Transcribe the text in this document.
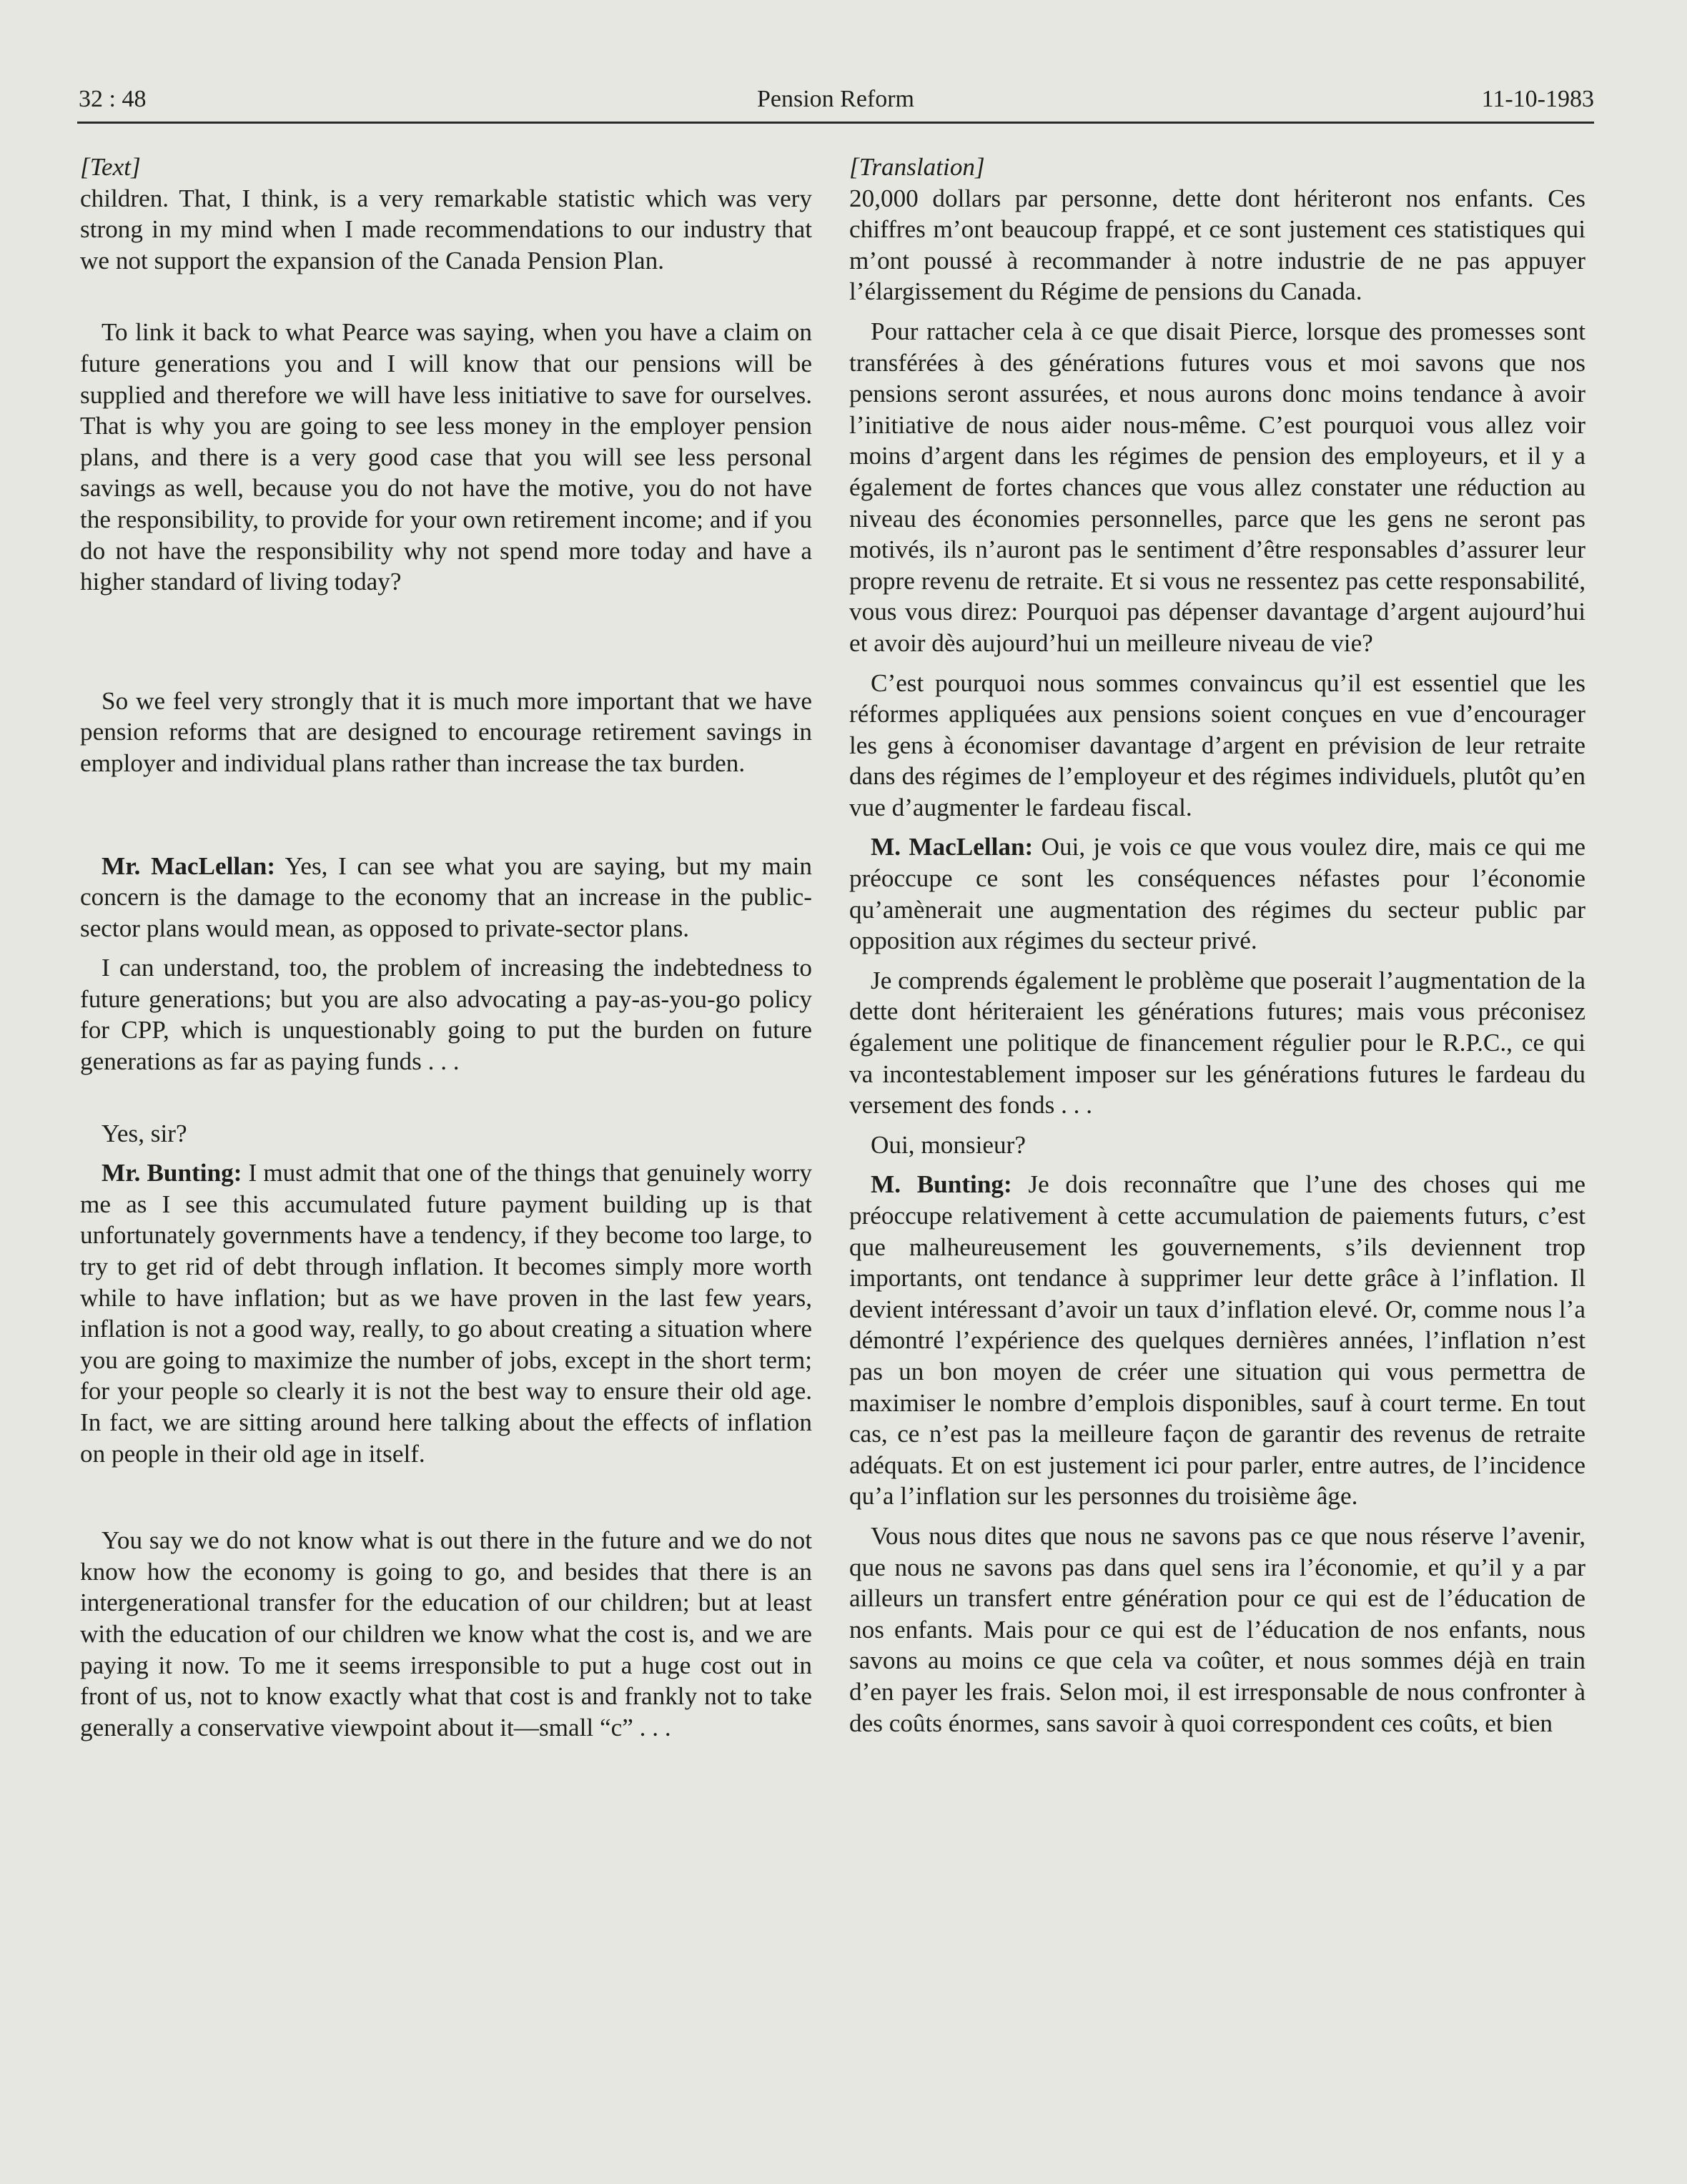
32 : 48	Pension Reform	11-10-1983
[Text]

children. That, I think, is a very remarkable statistic which was very strong in my mind when I made recommendations to our industry that we not support the expansion of the Canada Pension Plan.

To link it back to what Pearce was saying, when you have a claim on future generations you and I will know that our pensions will be supplied and therefore we will have less initiative to save for ourselves. That is why you are going to see less money in the employer pension plans, and there is a very good case that you will see less personal savings as well, because you do not have the motive, you do not have the responsibility, to provide for your own retirement income; and if you do not have the responsibility why not spend more today and have a higher standard of living today?

So we feel very strongly that it is much more important that we have pension reforms that are designed to encourage retirement savings in employer and individual plans rather than increase the tax burden.

Mr. MacLellan: Yes, I can see what you are saying, but my main concern is the damage to the economy that an increase in the public-sector plans would mean, as opposed to private-sector plans.

I can understand, too, the problem of increasing the indebtedness to future generations; but you are also advocating a pay-as-you-go policy for CPP, which is unquestionably going to put the burden on future generations as far as paying funds . . .

Yes, sir?

Mr. Bunting: I must admit that one of the things that genuinely worry me as I see this accumulated future payment building up is that unfortunately governments have a tendency, if they become too large, to try to get rid of debt through inflation. It becomes simply more worth while to have inflation; but as we have proven in the last few years, inflation is not a good way, really, to go about creating a situation where you are going to maximize the number of jobs, except in the short term; for your people so clearly it is not the best way to ensure their old age. In fact, we are sitting around here talking about the effects of inflation on people in their old age in itself.

You say we do not know what is out there in the future and we do not know how the economy is going to go, and besides that there is an intergenerational transfer for the education of our children; but at least with the education of our children we know what the cost is, and we are paying it now. To me it seems irresponsible to put a huge cost out in front of us, not to know exactly what that cost is and frankly not to take generally a conservative viewpoint about it—small “c” . . .

[Translation]

20,000 dollars par personne, dette dont hériteront nos enfants. Ces chiffres m’ont beaucoup frappé, et ce sont justement ces statistiques qui m’ont poussé à recommander à notre industrie de ne pas appuyer l’élargissement du Régime de pensions du Canada.

Pour rattacher cela à ce que disait Pierce, lorsque des promesses sont transférées à des générations futures vous et moi savons que nos pensions seront assurées, et nous aurons donc moins tendance à avoir l’initiative de nous aider nous-même. C’est pourquoi vous allez voir moins d’argent dans les régimes de pension des employeurs, et il y a également de fortes chances que vous allez constater une réduction au niveau des économies personnelles, parce que les gens ne seront pas motivés, ils n’auront pas le sentiment d’être responsables d’assurer leur propre revenu de retraite. Et si vous ne ressentez pas cette responsabilité, vous vous direz: Pourquoi pas dépenser davantage d’argent aujourd’hui et avoir dès aujourd’hui un meilleure niveau de vie?

C’est pourquoi nous sommes convaincus qu’il est essentiel que les réformes appliquées aux pensions soient conçues en vue d’encourager les gens à économiser davantage d’argent en prévision de leur retraite dans des régimes de l’employeur et des régimes individuels, plutôt qu’en vue d’augmenter le fardeau fiscal.

M. MacLellan: Oui, je vois ce que vous voulez dire, mais ce qui me préoccupe ce sont les conséquences néfastes pour l’économie qu’amènerait une augmentation des régimes du secteur public par opposition aux régimes du secteur privé.

Je comprends également le problème que poserait l’augmentation de la dette dont hériteraient les générations futures; mais vous préconisez également une politique de financement régulier pour le R.P.C., ce qui va incontestablement imposer sur les générations futures le fardeau du versement des fonds . . .

Oui, monsieur?

M. Bunting: Je dois reconnaître que l’une des choses qui me préoccupe relativement à cette accumulation de paiements futurs, c’est que malheureusement les gouvernements, s’ils deviennent trop importants, ont tendance à supprimer leur dette grâce à l’inflation. Il devient intéressant d’avoir un taux d’inflation elevé. Or, comme nous l’a démontré l’expérience des quelques dernières années, l’inflation n’est pas un bon moyen de créer une situation qui vous permettra de maximiser le nombre d’emplois disponibles, sauf à court terme. En tout cas, ce n’est pas la meilleure façon de garantir des revenus de retraite adéquats. Et on est justement ici pour parler, entre autres, de l’incidence qu’a l’inflation sur les personnes du troisième âge.

Vous nous dites que nous ne savons pas ce que nous réserve l’avenir, que nous ne savons pas dans quel sens ira l’économie, et qu’il y a par ailleurs un transfert entre génération pour ce qui est de l’éducation de nos enfants. Mais pour ce qui est de l’éducation de nos enfants, nous savons au moins ce que cela va coûter, et nous sommes déjà en train d’en payer les frais. Selon moi, il est irresponsable de nous confronter à des coûts énormes, sans savoir à quoi correspondent ces coûts, et bien
